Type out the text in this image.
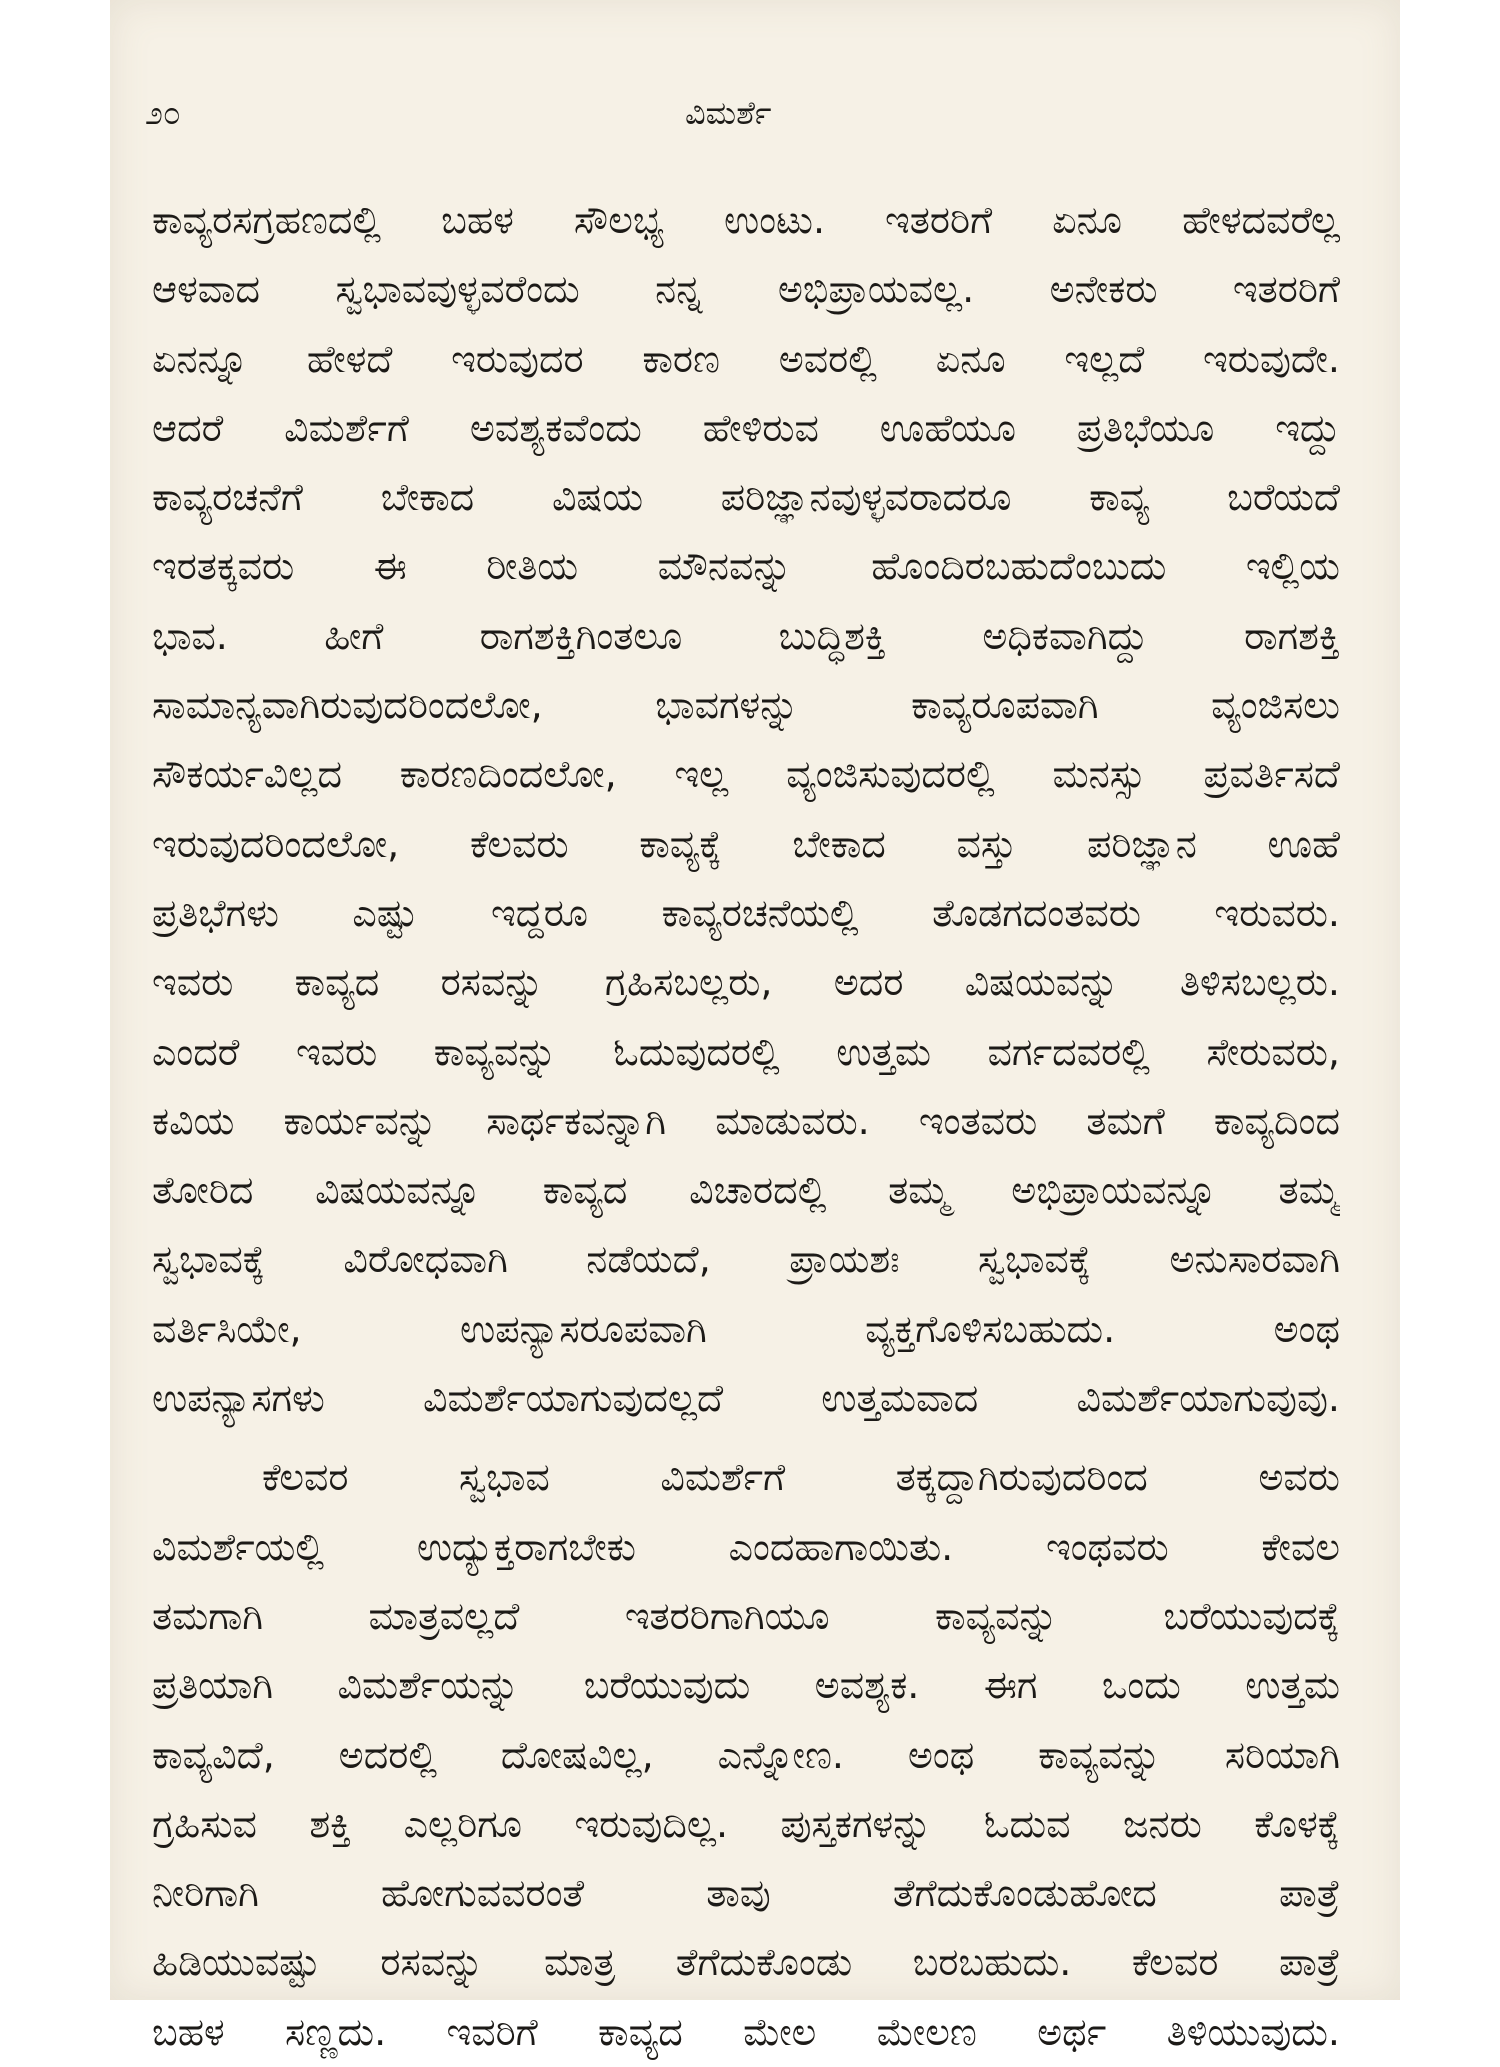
೨೦	ವಿಮರ್ಶೆ
ಕಾವ್ಯರಸಗ್ರಹಣದಲ್ಲಿ ಬಹಳ ಸೌಲಭ್ಯ ಉಂಟು. ಇತರರಿಗೆ ಏನೂ ಹೇಳದವರೆಲ್ಲ
ಆಳವಾದ ಸ್ವಭಾವವುಳ್ಳವರೆಂದು ನನ್ನ ಅಭಿಪ್ರಾಯವಲ್ಲ. ಅನೇಕರು ಇತರರಿಗೆ
ಏನನ್ನೂ ಹೇಳದೆ ಇರುವುದರ ಕಾರಣ ಅವರಲ್ಲಿ ಏನೂ ಇಲ್ಲದೆ ಇರುವುದೇ.
ಆದರೆ ವಿಮರ್ಶೆಗೆ ಅವಶ್ಯಕವೆಂದು ಹೇಳಿರುವ ಊಹೆಯೂ ಪ್ರತಿಭೆಯೂ ಇದ್ದು
ಕಾವ್ಯರಚನೆಗೆ ಬೇಕಾದ ವಿಷಯ ಪರಿಜ್ಞಾನವುಳ್ಳವರಾದರೂ ಕಾವ್ಯ ಬರೆಯದೆ
ಇರತಕ್ಕವರು ಈ ರೀತಿಯ ಮೌನವನ್ನು ಹೊಂದಿರಬಹುದೆಂಬುದು ಇಲ್ಲಿಯ
ಭಾವ. ಹೀಗೆ ರಾಗಶಕ್ತಿಗಿಂತಲೂ ಬುದ್ಧಿಶಕ್ತಿ ಅಧಿಕವಾಗಿದ್ದು ರಾಗಶಕ್ತಿ
ಸಾಮಾನ್ಯವಾಗಿರುವುದರಿಂದಲೋ, ಭಾವಗಳನ್ನು ಕಾವ್ಯರೂಪವಾಗಿ ವ್ಯಂಜಿಸಲು
ಸೌಕರ್ಯವಿಲ್ಲದ ಕಾರಣದಿಂದಲೋ, ಇಲ್ಲ ವ್ಯಂಜಿಸುವುದರಲ್ಲಿ ಮನಸ್ಸು ಪ್ರವರ್ತಿಸದೆ
ಇರುವುದರಿಂದಲೋ, ಕೆಲವರು ಕಾವ್ಯಕ್ಕೆ ಬೇಕಾದ ವಸ್ತು ಪರಿಜ್ಞಾನ ಊಹೆ
ಪ್ರತಿಭೆಗಳು ಎಷ್ಟು ಇದ್ದರೂ ಕಾವ್ಯರಚನೆಯಲ್ಲಿ ತೊಡಗದಂತವರು ಇರುವರು.
ಇವರು ಕಾವ್ಯದ ರಸವನ್ನು ಗ್ರಹಿಸಬಲ್ಲರು, ಅದರ ವಿಷಯವನ್ನು ತಿಳಿಸಬಲ್ಲರು.
ಎಂದರೆ ಇವರು ಕಾವ್ಯವನ್ನು ಓದುವುದರಲ್ಲಿ ಉತ್ತಮ ವರ್ಗದವರಲ್ಲಿ ಸೇರುವರು,
ಕವಿಯ ಕಾರ್ಯವನ್ನು ಸಾರ್ಥಕವನ್ನಾಗಿ ಮಾಡುವರು. ಇಂತವರು ತಮಗೆ ಕಾವ್ಯದಿಂದ
ತೋರಿದ ವಿಷಯವನ್ನೂ ಕಾವ್ಯದ ವಿಚಾರದಲ್ಲಿ ತಮ್ಮ ಅಭಿಪ್ರಾಯವನ್ನೂ ತಮ್ಮ
ಸ್ವಭಾವಕ್ಕೆ ವಿರೋಧವಾಗಿ ನಡೆಯದೆ, ಪ್ರಾಯಶಃ ಸ್ವಭಾವಕ್ಕೆ ಅನುಸಾರವಾಗಿ
ವರ್ತಿಸಿಯೇ, ಉಪನ್ಯಾಸರೂಪವಾಗಿ ವ್ಯಕ್ತಗೊಳಿಸಬಹುದು. ಅಂಥ
ಉಪನ್ಯಾಸಗಳು ವಿಮರ್ಶೆಯಾಗುವುದಲ್ಲದೆ ಉತ್ತಮವಾದ ವಿಮರ್ಶೆಯಾಗುವುವು.
ಕೆಲವರ ಸ್ವಭಾವ ವಿಮರ್ಶೆಗೆ ತಕ್ಕದ್ದಾಗಿರುವುದರಿಂದ ಅವರು
ವಿಮರ್ಶೆಯಲ್ಲಿ ಉದ್ಯುಕ್ತರಾಗಬೇಕು ಎಂದಹಾಗಾಯಿತು. ಇಂಥವರು ಕೇವಲ
ತಮಗಾಗಿ ಮಾತ್ರವಲ್ಲದೆ ಇತರರಿಗಾಗಿಯೂ ಕಾವ್ಯವನ್ನು ಬರೆಯುವುದಕ್ಕೆ
ಪ್ರತಿಯಾಗಿ ವಿಮರ್ಶೆಯನ್ನು ಬರೆಯುವುದು ಅವಶ್ಯಕ. ಈಗ ಒಂದು ಉತ್ತಮ
ಕಾವ್ಯವಿದೆ, ಅದರಲ್ಲಿ ದೋಷವಿಲ್ಲ, ಎನ್ನೋಣ. ಅಂಥ ಕಾವ್ಯವನ್ನು ಸರಿಯಾಗಿ
ಗ್ರಹಿಸುವ ಶಕ್ತಿ ಎಲ್ಲರಿಗೂ ಇರುವುದಿಲ್ಲ. ಪುಸ್ತಕಗಳನ್ನು ಓದುವ ಜನರು ಕೊಳಕ್ಕೆ
ನೀರಿಗಾಗಿ ಹೋಗುವವರಂತೆ ತಾವು ತೆಗೆದುಕೊಂಡುಹೋದ ಪಾತ್ರೆ
ಹಿಡಿಯುವಷ್ಟು ರಸವನ್ನು ಮಾತ್ರ ತೆಗೆದುಕೊಂಡು ಬರಬಹುದು. ಕೆಲವರ ಪಾತ್ರೆ
ಬಹಳ ಸಣ್ಣದು. ಇವರಿಗೆ ಕಾವ್ಯದ ಮೇಲ ಮೇಲಣ ಅರ್ಥ ತಿಳಿಯುವುದು.
